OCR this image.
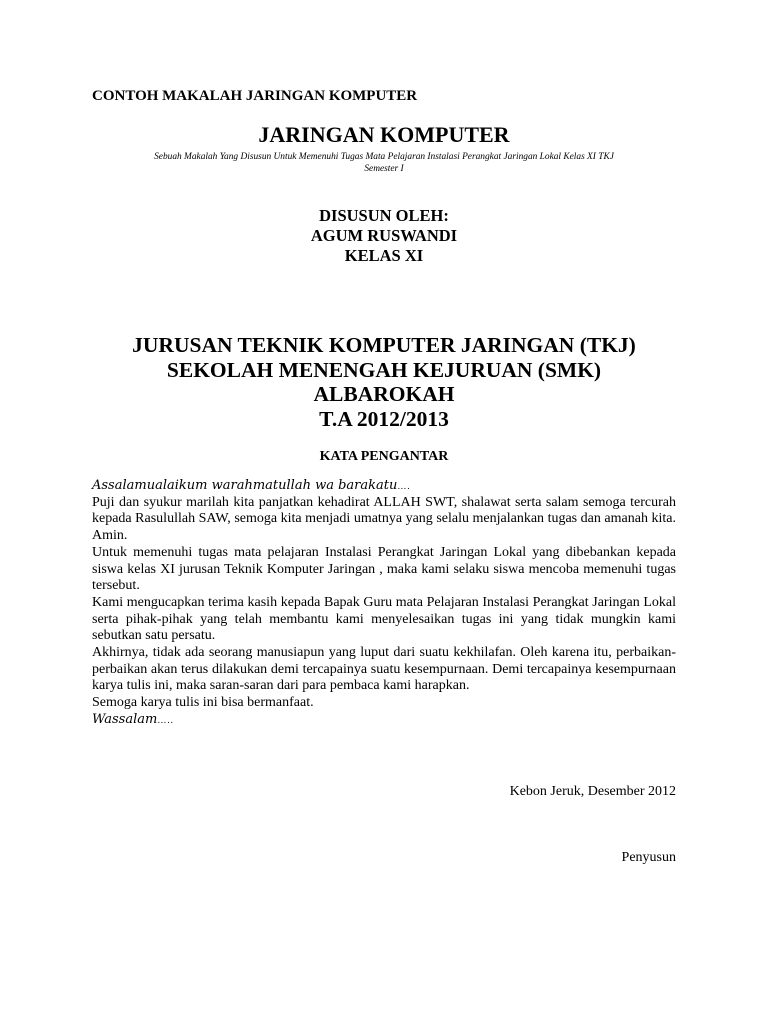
CONTOH MAKALAH JARINGAN KOMPUTER

JARINGAN KOMPUTER

Sebuah Makalah Yang Disusun Untuk Memenuhi Tugas Mata Pelajaran Instalasi Perangkat Jaringan Lokal Kelas XI TKJ
Semester I
DISUSUN OLEH:
AGUM RUSWANDI
KELAS XI
JURUSAN TEKNIK KOMPUTER JARINGAN (TKJ)
SEKOLAH MENENGAH KEJURUAN (SMK)
ALBAROKAH
T.A 2012/2013

KATA PENGANTAR

Assalamualaikum warahmatullah wa barakatu….

Puji dan syukur marilah kita panjatkan kehadirat ALLAH SWT, shalawat serta salam semoga tercurah kepada Rasulullah SAW, semoga kita menjadi umatnya yang selalu menjalankan tugas dan amanah kita. Amin.

Untuk memenuhi tugas mata pelajaran Instalasi Perangkat Jaringan Lokal yang dibebankan kepada siswa kelas XI jurusan Teknik Komputer Jaringan , maka kami selaku siswa mencoba memenuhi tugas tersebut.

Kami mengucapkan terima kasih kepada Bapak Guru mata Pelajaran Instalasi Perangkat Jaringan Lokal serta pihak-pihak yang telah membantu kami menyelesaikan tugas ini yang tidak mungkin kami sebutkan satu persatu.

Akhirnya, tidak ada seorang manusiapun yang luput dari suatu kekhilafan. Oleh karena itu, perbaikan-perbaikan akan terus dilakukan demi tercapainya suatu kesempurnaan. Demi tercapainya kesempurnaan karya tulis ini, maka saran-saran dari para pembaca kami harapkan.

Semoga karya tulis ini bisa bermanfaat.

Wassalam…..

Kebon Jeruk, Desember 2012

Penyusun
